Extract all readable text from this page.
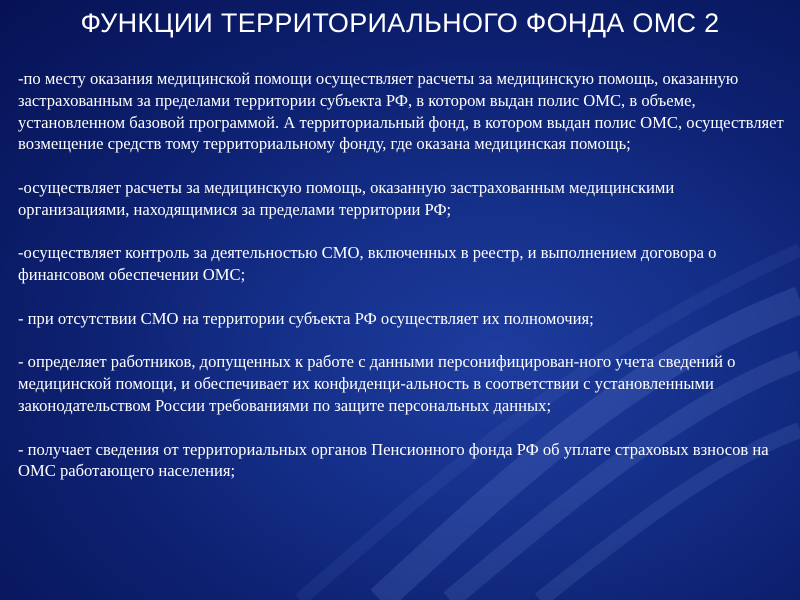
ФУНКЦИИ ТЕРРИТОРИАЛЬНОГО ФОНДА ОМС 2

-по месту оказания медицинской помощи осуществляет расчеты за медицинскую помощь, оказанную застрахованным за пределами территории субъекта РФ, в котором выдан полис ОМС, в объеме, установленном базовой программой. А территориальный фонд, в котором выдан полис ОМС, осуществляет возмещение средств тому территориальному фонду, где оказана медицинская помощь;

-осуществляет расчеты за медицинскую помощь, оказанную застрахованным медицинскими организациями, находящимися за пределами территории РФ;

-осуществляет контроль за деятельностью СМО, включенных в реестр, и выполнением договора о финансовом обеспечении ОМС;

- при отсутствии СМО на территории субъекта РФ осуществляет их полномочия;

- определяет работников, допущенных к работе с данными персонифицирован-ного учета сведений о медицинской помощи, и обеспечивает их конфиденци-альность в соответствии с установленными законодательством России требованиями по защите персональных данных;

- получает сведения от территориальных органов Пенсионного фонда РФ об уплате страховых взносов на ОМС работающего населения;
